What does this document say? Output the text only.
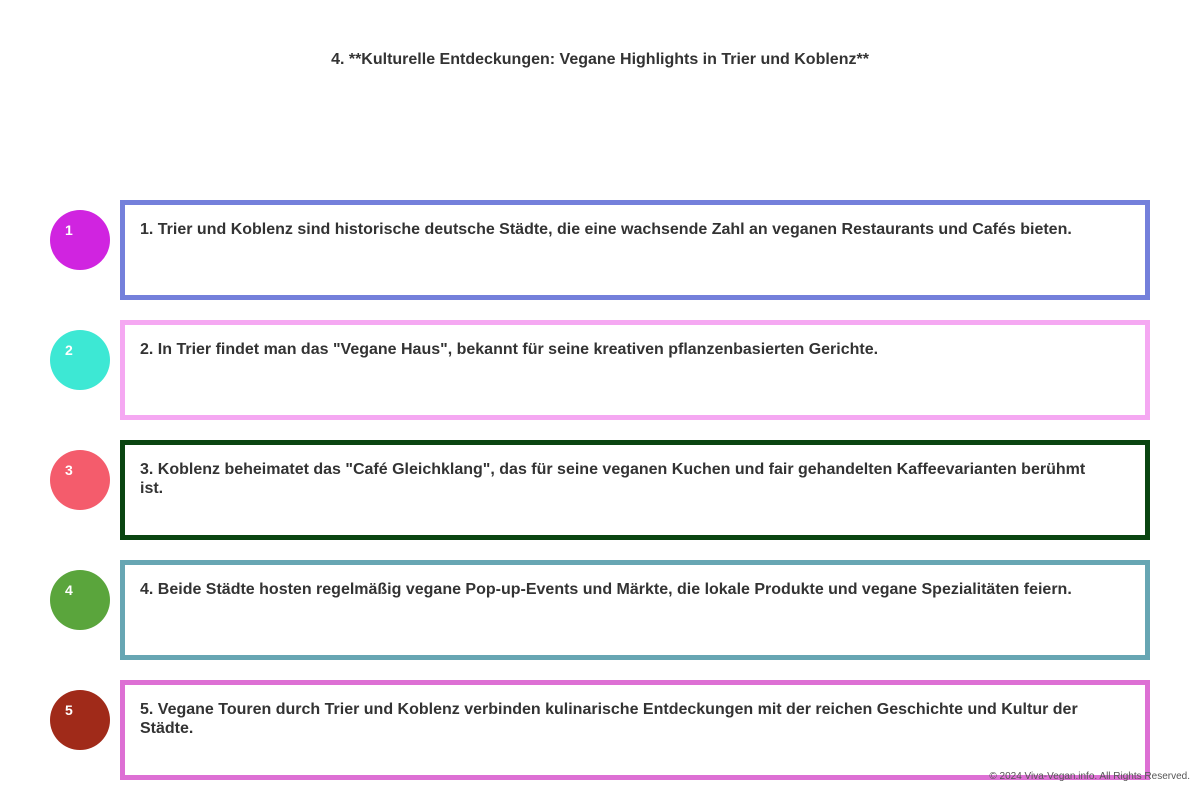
4. **Kulturelle Entdeckungen: Vegane Highlights in Trier und Koblenz**
1	1. Trier und Koblenz sind historische deutsche Städte, die eine wachsende Zahl an veganen Restaurants und Cafés bieten.
2	2. In Trier findet man das "Vegane Haus", bekannt für seine kreativen pflanzenbasierten Gerichte.
3	3. Koblenz beheimatet das "Café Gleichklang", das für seine veganen Kuchen und fair gehandelten Kaffeevarianten berühmt ist.
4	4. Beide Städte hosten regelmäßig vegane Pop-up-Events und Märkte, die lokale Produkte und vegane Spezialitäten feiern.
5	5. Vegane Touren durch Trier und Koblenz verbinden kulinarische Entdeckungen mit der reichen Geschichte und Kultur der Städte.
© 2024 Viva-Vegan.info. All Rights Reserved.
